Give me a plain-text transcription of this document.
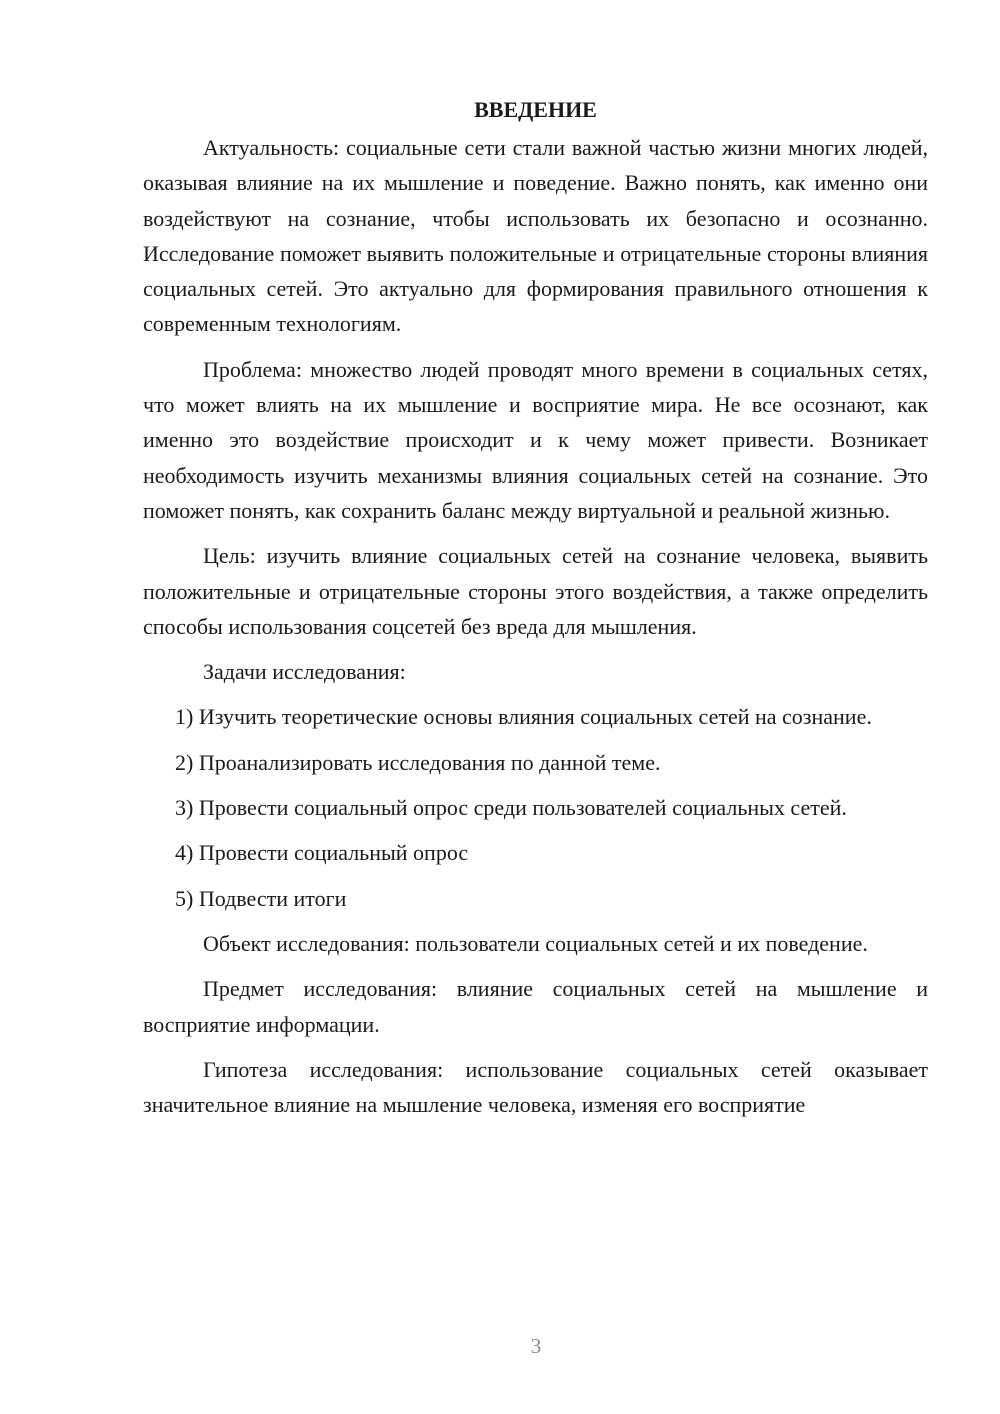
ВВЕДЕНИЕ

Актуальность: социальные сети стали важной частью жизни многих людей, оказывая влияние на их мышление и поведение. Важно понять, как именно они воздействуют на сознание, чтобы использовать их безопасно и осознанно. Исследование поможет выявить положительные и отрицательные стороны влияния социальных сетей. Это актуально для формирования правильного отношения к современным технологиям.

Проблема: множество людей проводят много времени в социальных сетях, что может влиять на их мышление и восприятие мира. Не все осознают, как именно это воздействие происходит и к чему может привести. Возникает необходимость изучить механизмы влияния социальных сетей на сознание. Это поможет понять, как сохранить баланс между виртуальной и реальной жизнью.

Цель: изучить влияние социальных сетей на сознание человека, выявить положительные и отрицательные стороны этого воздействия, а также определить способы использования соцсетей без вреда для мышления.

Задачи исследования:

1) Изучить теоретические основы влияния социальных сетей на сознание.

2) Проанализировать исследования по данной теме.

3) Провести социальный опрос среди пользователей социальных сетей.

4) Провести социальный опрос

5) Подвести итоги

Объект исследования: пользователи социальных сетей и их поведение.

Предмет исследования: влияние социальных сетей на мышление и восприятие информации.

Гипотеза исследования: использование социальных сетей оказывает значительное влияние на мышление человека, изменяя его восприятие

3
